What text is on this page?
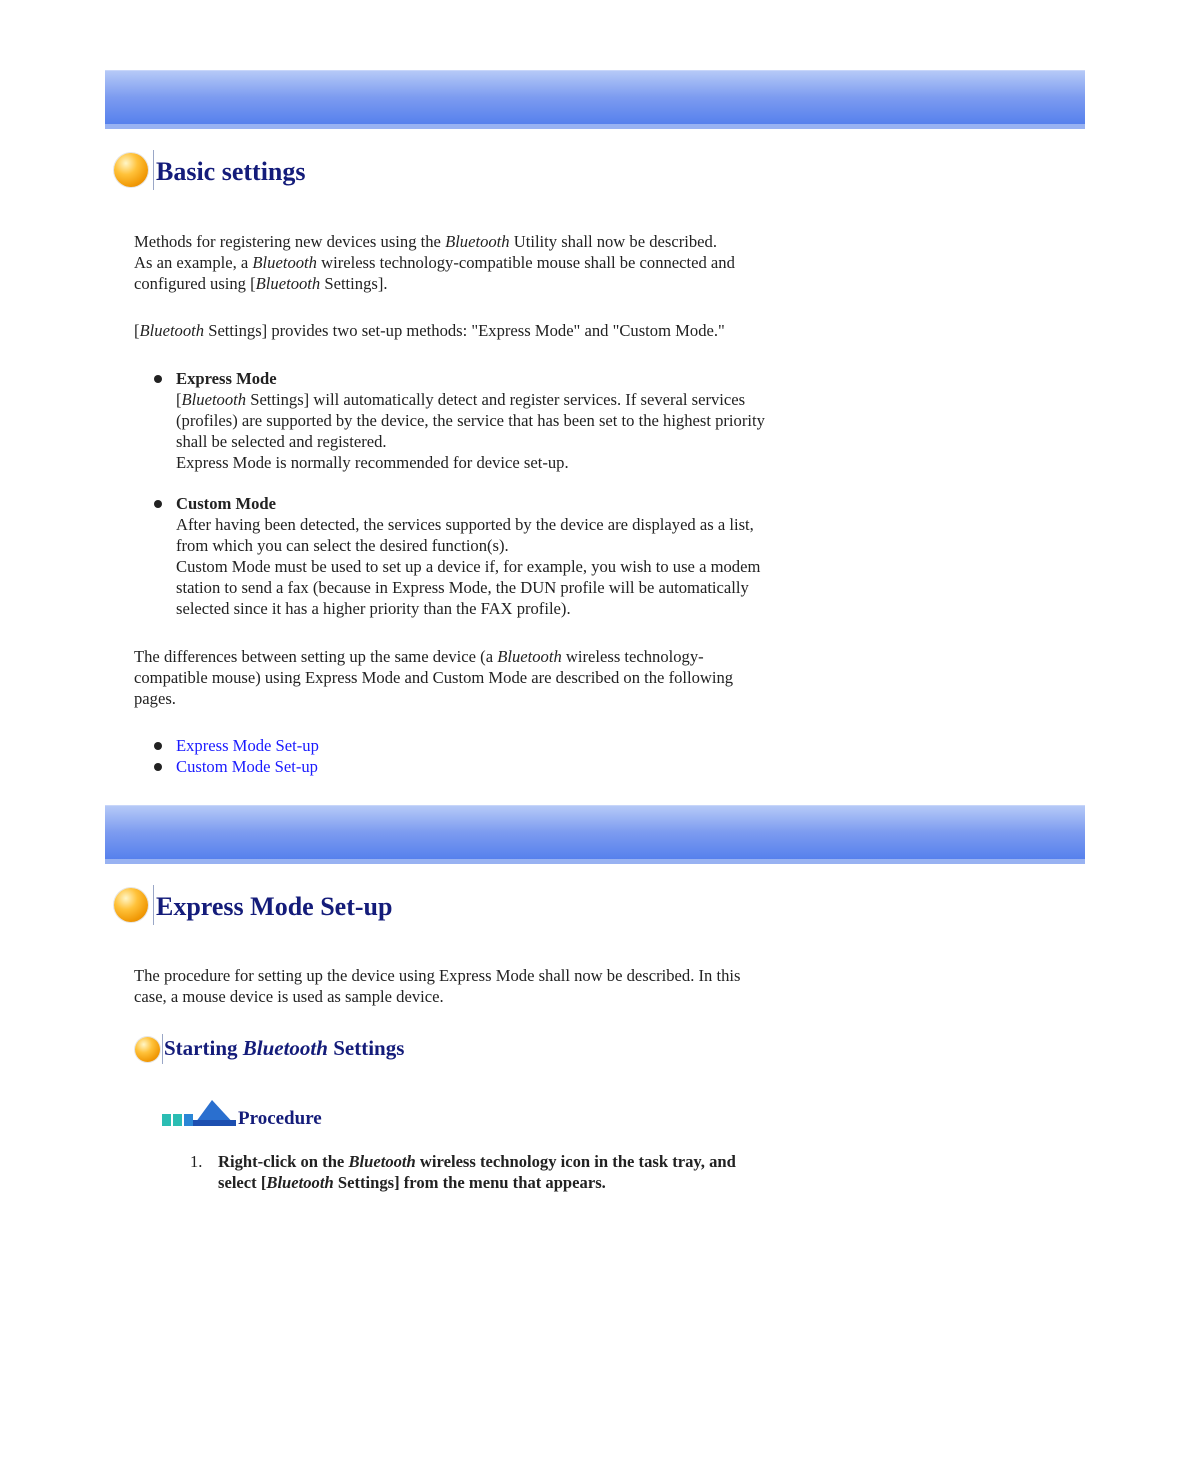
Basic settings

Methods for registering new devices using the Bluetooth Utility shall now be described.
As an example, a Bluetooth wireless technology-compatible mouse shall be connected and
configured using [Bluetooth Settings].

[Bluetooth Settings] provides two set-up methods: "Express Mode" and "Custom Mode."

Express Mode

[Bluetooth Settings] will automatically detect and register services. If several services
(profiles) are supported by the device, the service that has been set to the highest priority
shall be selected and registered.
Express Mode is normally recommended for device set-up.

Custom Mode

After having been detected, the services supported by the device are displayed as a list,
from which you can select the desired function(s).
Custom Mode must be used to set up a device if, for example, you wish to use a modem
station to send a fax (because in Express Mode, the DUN profile will be automatically
selected since it has a higher priority than the FAX profile).

The differences between setting up the same device (a Bluetooth wireless technology-
compatible mouse) using Express Mode and Custom Mode are described on the following
pages.

Express Mode Set-up
Custom Mode Set-up
Express Mode Set-up

The procedure for setting up the device using Express Mode shall now be described. In this
case, a mouse device is used as sample device.

Starting Bluetooth Settings
Procedure

1. Right-click on the Bluetooth wireless technology icon in the task tray, and
select [Bluetooth Settings] from the menu that appears.
